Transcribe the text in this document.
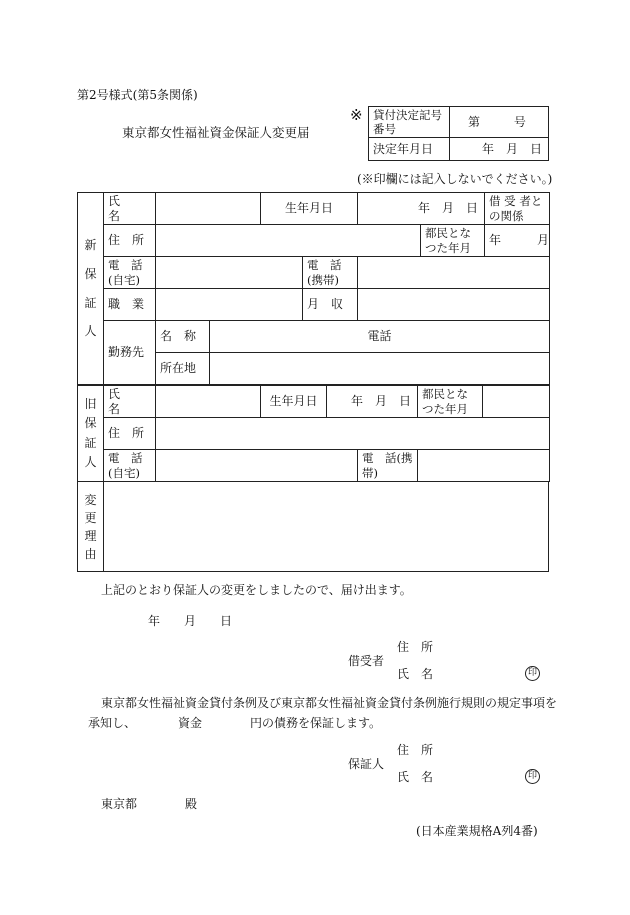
第2号様式(第5条関係)
東京都女性福祉資金保証人変更届
※ 貸付決定記号番号	第 号
決定年月日	年　月　日
(※印欄には記入しないでください。)
新保証人	氏　名			生年月日		年　月　日		借 受 者との関係
	住　所						都民となつた年月	年　　　月
	電　話(自宅)				電　話(携帯)			
	職　業				月　収			
	勤務先	名　称	電話					
		所在地						
旧保証人	氏　名		生年月日	年　月　日		都民となつた年月	
	住　所						
	電　話(自宅)				電　話(携帯)		
変更理由

上記のとおり保証人の変更をしましたので、届け出ます。
年　　月　　日
借受者
住　所
氏　名	印
東京都女性福祉資金貸付条例及び東京都女性福祉資金貸付条例施行規則の規定事項を
承知し、　　　　資金　　　　円の債務を保証します。
保証人
住　所
氏　名	印
東京都　　　　殿
(日本産業規格A列4番)
